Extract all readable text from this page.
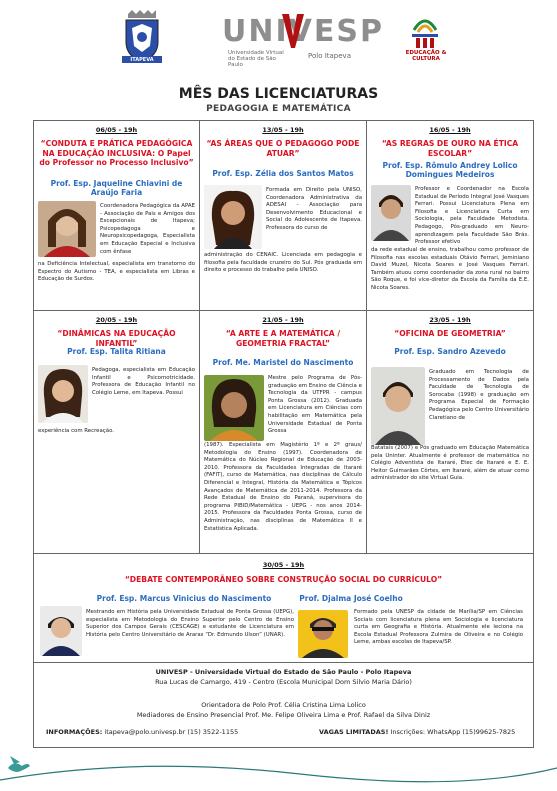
ITAPEVA
UNIVESP
Universidade Virtual do Estado de São Paulo
Polo Itapeva	EDUCAÇÃO & CULTURA
MÊS DAS LICENCIATURAS
PEDAGOGIA E MATEMÁTICA
06/05 - 19h
“CONDUTA E PRÁTICA PEDAGÓGICA NA EDUCAÇÃO INCLUSIVA: O Papel do Professor no Processo Inclusivo”
Prof. Esp. Jaqueline Chiavini de Araújo Faria
Coordenadora Pedagógica da APAE - Associação de Pais e Amigos dos Excepcionais de Itapeva; Psicopedagoga e Neuropsicopedagoga, Especialista em Educação Especial e Inclusiva com ênfase
na Deficiência Intelectual, especialista em transtorno do Espectro do Autismo - TEA, e especialista em Libras e Educação de Surdos.
13/05 - 19h
“AS ÁREAS QUE O PEDAGOGO PODE ATUAR”
Prof. Esp. Zélia dos Santos Matos
Formada em Direito pela UNISO, Coordenadora Administrativa da ADESAI - Associação para Desenvolvimento Educacional e Social do Adolescente de Itapeva. Professora do curso de
administração do CENAIC. Licenciada em pedagogia e filosofia pela faculdade cruzeiro do Sul. Pós graduada em direito e processo do trabalho pela UNISO.
16/05 - 19h
“AS REGRAS DE OURO NA ÉTICA ESCOLAR”
Prof. Esp. Rômulo Andrey Lolico Domingues Medeiros
Professor e Coordenador na Escola Estadual de Período Integral José Vasques Ferrari. Possui Licenciatura Plena em Filosofia e Licenciatura Curta em Sociologia, pela Faculdade Metodista. Pedagogo, Pós-graduado em Neuro-aprendizagem pela Faculdade São Brás. Professor efetivo
da rede estadual de ensino, trabalhou como professor de Filosofia nas escolas estaduais Otávio Ferrari, Jeminiano David Muzel, Nicota Soares e José Vasques Ferrari. Também atuou como coordenador da zona rural no bairro São Roque, e foi vice-diretor da Escola da Família da E.E. Nicota Soares.
20/05 - 19h
“DINÂMICAS NA EDUCAÇÃO INFANTIL”
Prof. Esp. Talita Ritiana
Pedagoga, especialista em Educação Infantil e Psicomotricidade. Professora de Educação Infantil no Colégio Leme, em Itapeva. Possui
experiência com Recreação.
21/05 - 19h
“A ARTE E A MATEMÁTICA / GEOMETRIA FRACTAL”
Prof. Me. Maristel do Nascimento
Mestre pelo Programa de Pós-graduação em Ensino de Ciência e Tecnologia da UTFPR - campus Ponta Grossa (2012). Graduada em Licenciatura em Ciências com habilitação em Matemática pela Universidade Estadual de Ponta Grossa
(1987). Especialista em Magistério 1º e 2º graus/ Metodologia do Ensino (1997). Coordenadora de Matemática do Núcleo Regional de Educação de 2003-2010. Professora da Faculdades Integradas de Itararé (FAFIT), curso de Matemática, nas disciplinas de Cálculo Diferencial e Integral, História da Matemática e Tópicos Avançados de Matemática de 2011-2014. Professora da Rede Estadual de Ensino do Paraná, supervisora do programa PIBID/Matemática - UEPG - nos anos 2014-2015. Professora da Faculdades Ponta Grossa, curso de Administração, nas disciplinas de Matemática II e Estatística Aplicada.
23/05 - 19h
“OFICINA DE GEOMETRIA”
Prof. Esp. Sandro Azevedo
Graduado em Tecnologia de Processamento de Dados pela Faculdade de Tecnologia de Sorocaba (1998) e graduação em Programa Especial de Formação Pedagógica pelo Centro Universitário Claretiano de
Batatais (2007) e Pós graduado em Educação Matemática pela Uninter. Atualmente é professor de matemática no Colégio Adventista de Itararé, Etec de Itararé e E. E. Heitor Guimarães Côrtes, em Itararé, além de atuar como administrador do site Virtual Guia.
30/05 - 19h
“DEBATE CONTEMPORÂNEO SOBRE CONSTRUÇÃO SOCIAL DO CURRÍCULO”
Prof. Esp. Marcus Vinicius do Nascimento	Prof. Djalma José Coelho
Mestrando em História pela Universidade Estadual de Ponta Grossa (UEPG), especialista em Metodologia do Ensino Superior pelo Centro de Ensino Superior dos Campos Gerais (CESCAGE) e estudante de Licenciatura em História pelo Centro Universitário de Araras “Dr. Edmundo Ulson” (UNAR).
Formado pela UNESP da cidade de Marília/SP em Ciências Sociais com licenciatura plena em Sociologia e licenciatura curta em Geografia e História. Atualmente ele leciona na Escola Estadual Professora Zulmira de Oliveira e no Colégio Leme, ambas escolas de Itapeva/SP.
UNIVESP - Universidade Virtual do Estado de São Paulo - Polo Itapeva
Rua Lucas de Camargo, 419 - Centro (Escola Municipal Dom Silvio Maria Dário)
Orientadora de Polo Prof. Célia Cristina Lima Lolico
Mediadores de Ensino Presencial Prof. Me. Felipe Oliveira Lima e Prof. Rafael da Silva Diniz
INFORMAÇÕES: itapeva@polo.univesp.br (15) 3522-1155	VAGAS LIMITADAS! Inscrições: WhatsApp (15)99625-7825
